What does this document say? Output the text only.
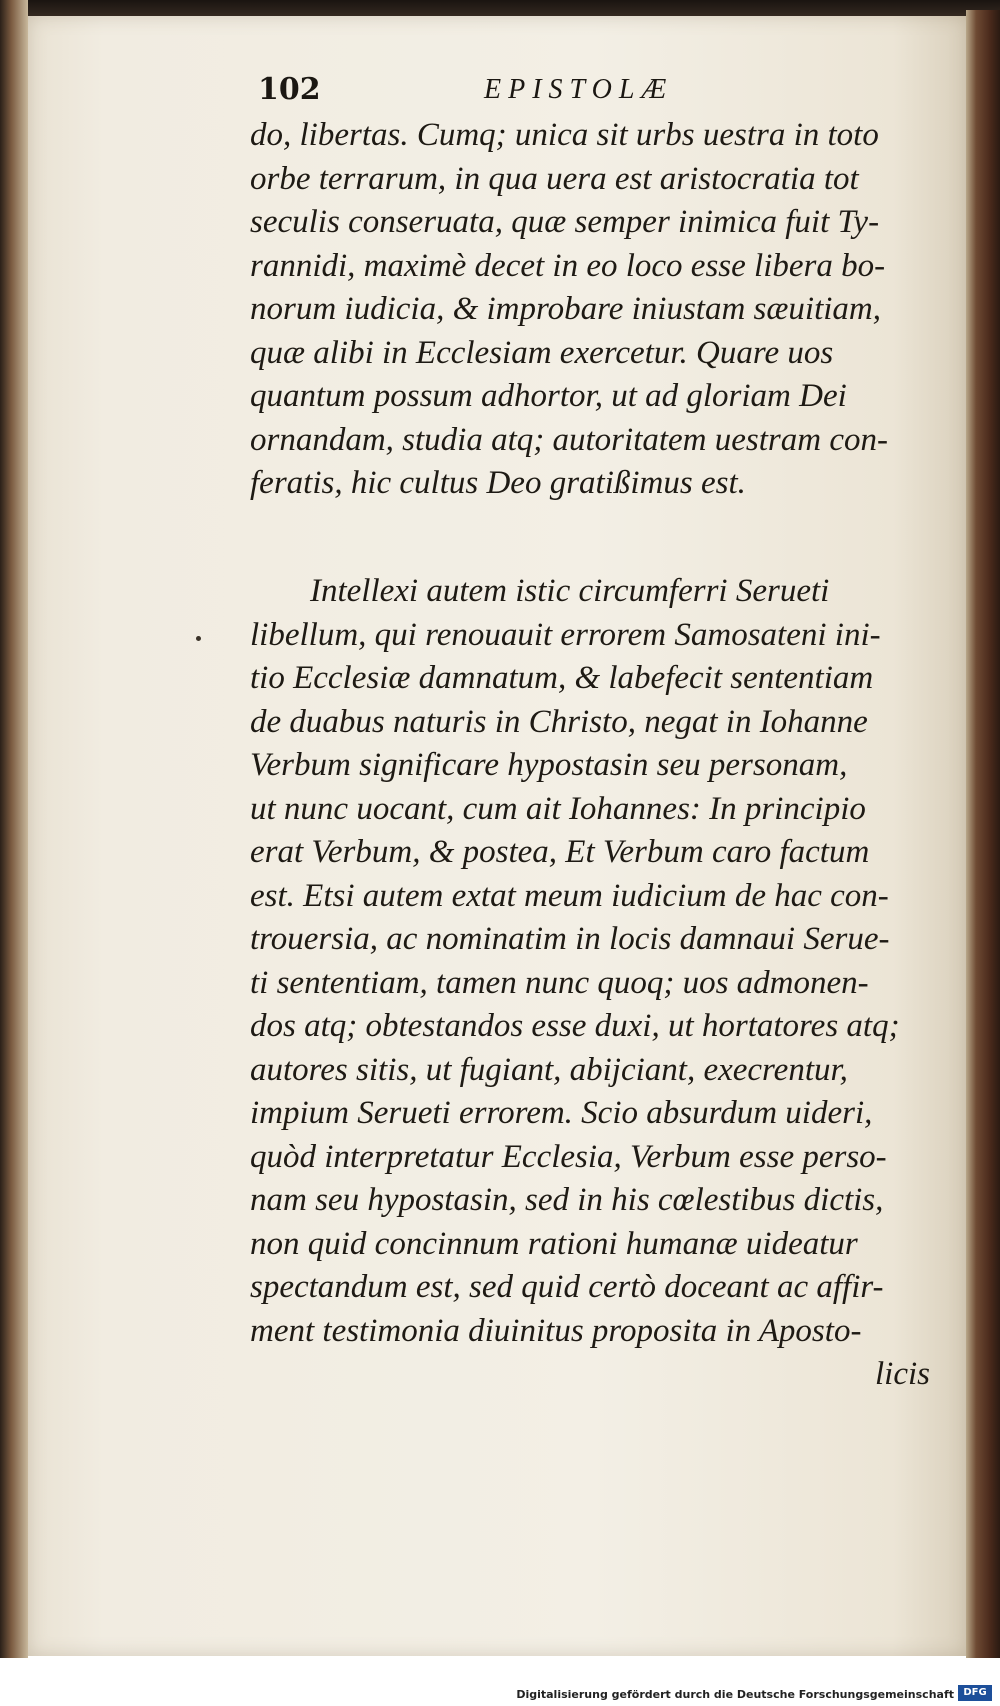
102	EPISTOLÆ
do, libertas. Cumq; unica sit urbs uestra in toto
orbe terrarum, in qua uera est aristocratia tot
seculis conseruata, quæ semper inimica fuit Ty-
rannidi, maximè decet in eo loco esse libera bo-
norum iudicia, & improbare iniustam sæuitiam,
quæ alibi in Ecclesiam exercetur. Quare uos
quantum possum adhortor, ut ad gloriam Dei
ornandam, studia atq; autoritatem uestram con-
feratis, hic cultus Deo gratißimus est.
Intellexi autem istic circumferri Serueti
libellum, qui renouauit errorem Samosateni ini-
tio Ecclesiæ damnatum, & labefecit sententiam
de duabus naturis in Christo, negat in Iohanne
Verbum significare hypostasin seu personam,
ut nunc uocant, cum ait Iohannes: In principio
erat Verbum, & postea, Et Verbum caro factum
est. Etsi autem extat meum iudicium de hac con-
trouersia, ac nominatim in locis damnaui Serue-
ti sententiam, tamen nunc quoq; uos admonen-
dos atq; obtestandos esse duxi, ut hortatores atq;
autores sitis, ut fugiant, abijciant, execrentur,
impium Serueti errorem. Scio absurdum uideri,
quòd interpretatur Ecclesia, Verbum esse perso-
nam seu hypostasin, sed in his cœlestibus dictis,
non quid concinnum rationi humanæ uideatur
spectandum est, sed quid certò doceant ac affir-
ment testimonia diuinitus proposita in Aposto-
licis
Digitalisierung gefördert durch die Deutsche Forschungsgemeinschaft DFG
